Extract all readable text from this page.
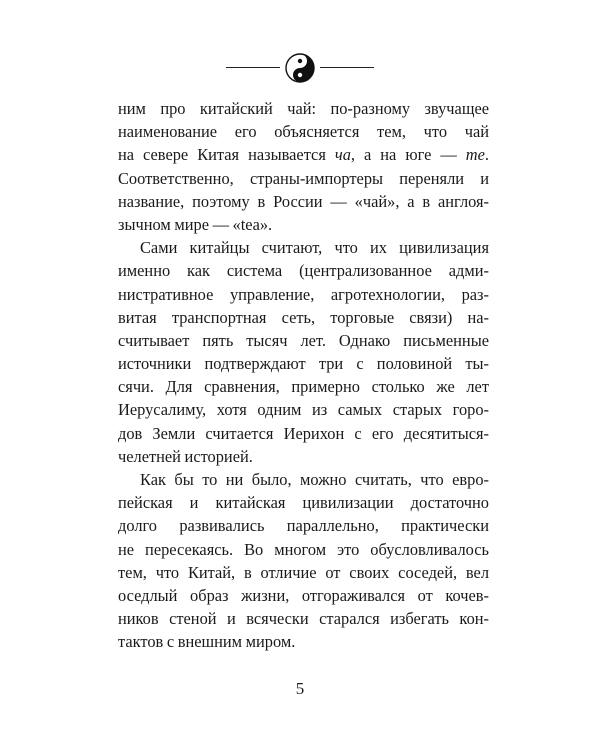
ним про китайский чай: по-разному звучащее
наименование его объясняется тем, что чай
на севере Китая называется ча, а на юге — те.
Соответственно, страны-импортеры переняли и
название, поэтому в России — «чай», а в англоя-
зычном мире — «tea».
Сами китайцы считают, что их цивилизация
именно как система (централизованное адми-
нистративное управление, агротехнологии, раз-
витая транспортная сеть, торговые связи) на-
считывает пять тысяч лет. Однако письменные
источники подтверждают три с половиной ты-
сячи. Для сравнения, примерно столько же лет
Иерусалиму, хотя одним из самых старых горо-
дов Земли считается Иерихон с его десятитыся-
челетней историей.
Как бы то ни было, можно считать, что евро-
пейская и китайская цивилизации достаточно
долго развивались параллельно, практически
не пересекаясь. Во многом это обусловливалось
тем, что Китай, в отличие от своих соседей, вел
оседлый образ жизни, отгораживался от кочев-
ников стеной и всячески старался избегать кон-
тактов с внешним миром.
5
